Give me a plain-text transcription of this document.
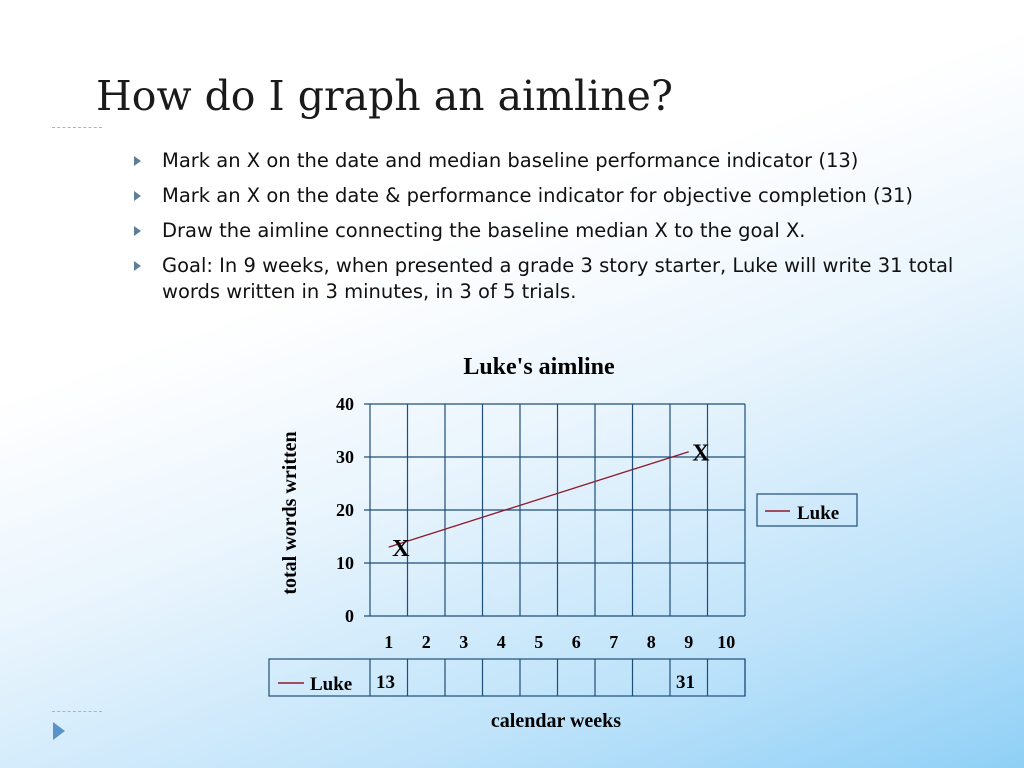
How do I graph an aimline?
Mark an X on the date and median baseline performance indicator (13)
Mark an X on the date & performance indicator for objective completion (31)
Draw the aimline connecting the baseline median X to the goal X.
Goal: In 9 weeks, when presented a grade 3 story starter, Luke will write 31 total words written in 3 minutes, in 3 of 5 trials.
Luke's aimline
total words written
calendar weeks
0
10
20
30
40
1 2 3 4 5 6 7 8 9 10
Luke 13	31
X
X
Luke
